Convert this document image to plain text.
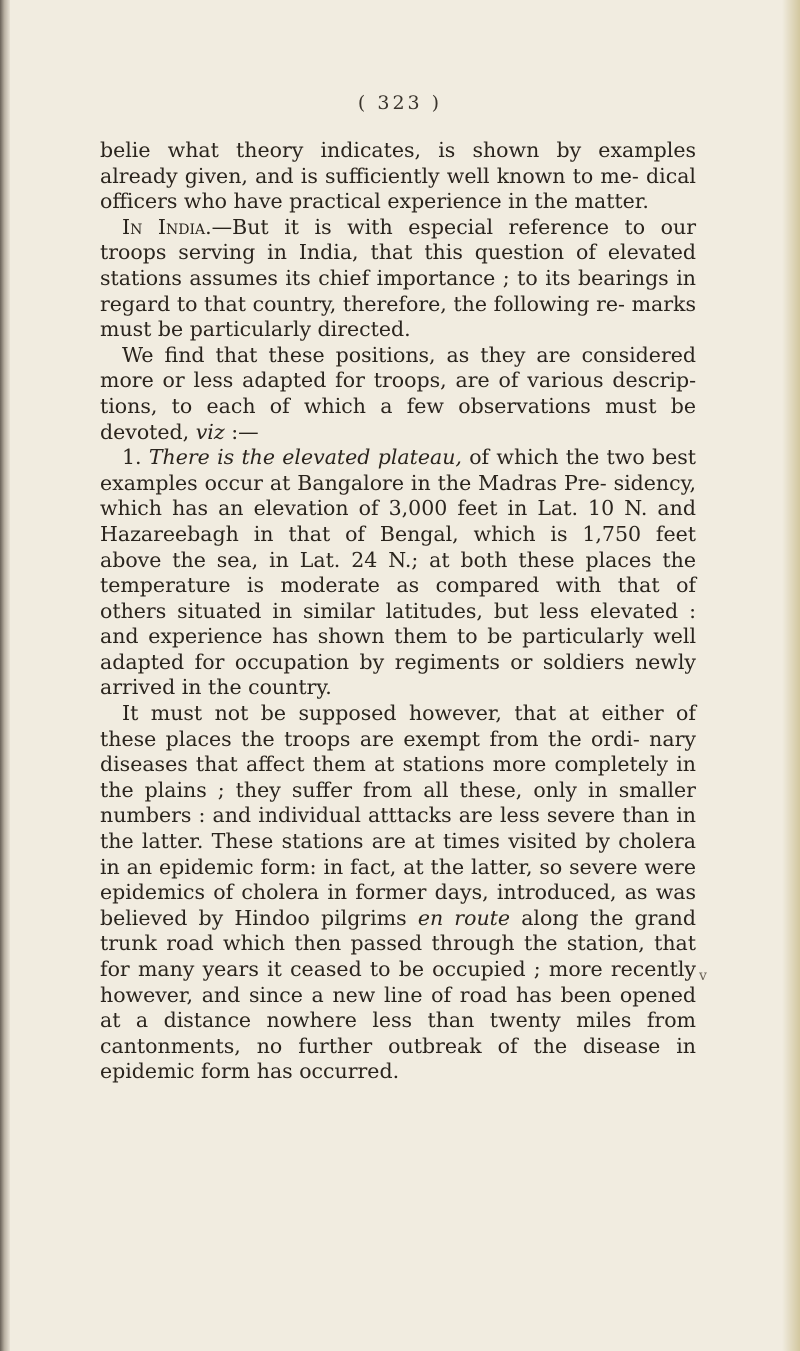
( 323 )

belie what theory indicates, is shown by examples already given, and is sufficiently well known to me- dical officers who have practical experience in the matter.

In India.—But it is with especial reference to our troops serving in India, that this question of elevated stations assumes its chief importance ; to its bearings in regard to that country, therefore, the following re- marks must be particularly directed.

We find that these positions, as they are considered more or less adapted for troops, are of various descrip- tions, to each of which a few observations must be devoted, viz :—

1. There is the elevated plateau, of which the two best examples occur at Bangalore in the Madras Pre- sidency, which has an elevation of 3,000 feet in Lat. 10 N. and Hazareebagh in that of Bengal, which is 1,750 feet above the sea, in Lat. 24 N.; at both these places the temperature is moderate as compared with that of others situated in similar latitudes, but less elevated : and experience has shown them to be particularly well adapted for occupation by regiments or soldiers newly arrived in the country.

It must not be supposed however, that at either of these places the troops are exempt from the ordi- nary diseases that affect them at stations more completely in the plains ; they suffer from all these, only in smaller numbers : and individual atttacks are less severe than in the latter. These stations are at times visited by cholera in an epidemic form: in fact, at the latter, so severe were epidemics of cholera in former days, introduced, as was believed by Hindoo pilgrims en route along the grand trunk road which then passed through the station, that for many years it ceased to be occupied ; more recently however, and since a new line of road has been opened at a distance nowhere less than twenty miles from cantonments, no further outbreak of the disease in epidemic form has occurred.

v
